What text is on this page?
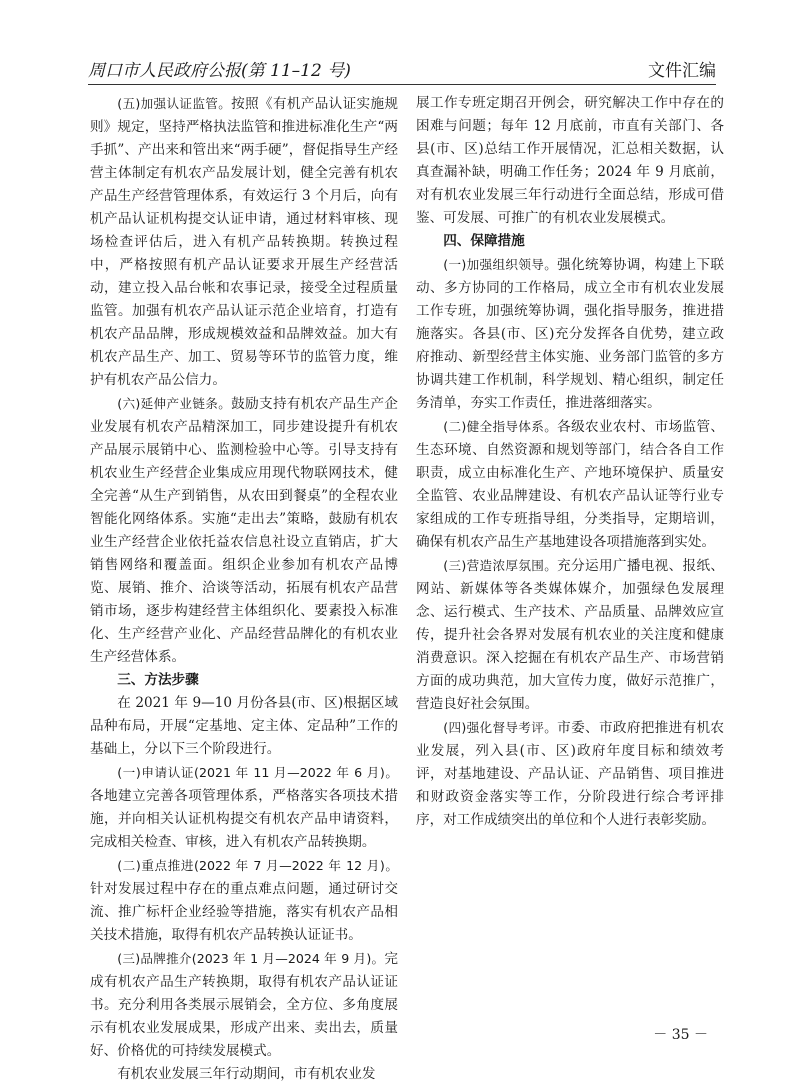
周口市人民政府公报(第 11–12 号)	文件汇编

(五)加强认证监管。按照《有机产品认证实施规则》规定，坚持严格执法监管和推进标准化生产“两手抓”、产出来和管出来“两手硬”，督促指导生产经营主体制定有机农产品发展计划，健全完善有机农产品生产经营管理体系，有效运行 3 个月后，向有机产品认证机构提交认证申请，通过材料审核、现场检查评估后，进入有机产品转换期。转换过程中，严格按照有机产品认证要求开展生产经营活动，建立投入品台帐和农事记录，接受全过程质量监管。加强有机农产品认证示范企业培育，打造有机农产品品牌，形成规模效益和品牌效益。加大有机农产品生产、加工、贸易等环节的监管力度，维护有机农产品公信力。

(六)延伸产业链条。鼓励支持有机农产品生产企业发展有机农产品精深加工，同步建设提升有机农产品展示展销中心、监测检验中心等。引导支持有机农业生产经营企业集成应用现代物联网技术，健全完善“从生产到销售，从农田到餐桌”的全程农业智能化网络体系。实施“走出去”策略，鼓励有机农业生产经营企业依托益农信息社设立直销店，扩大销售网络和覆盖面。组织企业参加有机农产品博览、展销、推介、洽谈等活动，拓展有机农产品营销市场，逐步构建经营主体组织化、要素投入标准化、生产经营产业化、产品经营品牌化的有机农业生产经营体系。

三、方法步骤

在 2021 年 9—10 月份各县(市、区)根据区域品种布局，开展“定基地、定主体、定品种”工作的基础上，分以下三个阶段进行。

(一)申请认证(2021 年 11 月—2022 年 6 月)。各地建立完善各项管理体系，严格落实各项技术措施，并向相关认证机构提交有机农产品申请资料，完成相关检查、审核，进入有机农产品转换期。

(二)重点推进(2022 年 7 月—2022 年 12 月)。针对发展过程中存在的重点难点问题，通过研讨交流、推广标杆企业经验等措施，落实有机农产品相关技术措施，取得有机农产品转换认证证书。

(三)品牌推介(2023 年 1 月—2024 年 9 月)。完成有机农产品生产转换期，取得有机农产品认证证书。充分利用各类展示展销会，全方位、多角度展示有机农业发展成果，形成产出来、卖出去，质量好、价格优的可持续发展模式。

有机农业发展三年行动期间，市有机农业发

展工作专班定期召开例会，研究解决工作中存在的困难与问题；每年 12 月底前，市直有关部门、各县(市、区)总结工作开展情况，汇总相关数据，认真查漏补缺，明确工作任务；2024 年 9 月底前，对有机农业发展三年行动进行全面总结，形成可借鉴、可发展、可推广的有机农业发展模式。

四、保障措施

(一)加强组织领导。强化统筹协调，构建上下联动、多方协同的工作格局，成立全市有机农业发展工作专班，加强统筹协调，强化指导服务，推进措施落实。各县(市、区)充分发挥各自优势，建立政府推动、新型经营主体实施、业务部门监管的多方协调共建工作机制，科学规划、精心组织，制定任务清单，夯实工作责任，推进落细落实。

(二)健全指导体系。各级农业农村、市场监管、生态环境、自然资源和规划等部门，结合各自工作职责，成立由标准化生产、产地环境保护、质量安全监管、农业品牌建设、有机农产品认证等行业专家组成的工作专班指导组，分类指导，定期培训，确保有机农产品生产基地建设各项措施落到实处。

(三)营造浓厚氛围。充分运用广播电视、报纸、网站、新媒体等各类媒体媒介，加强绿色发展理念、运行模式、生产技术、产品质量、品牌效应宣传，提升社会各界对发展有机农业的关注度和健康消费意识。深入挖掘在有机农产品生产、市场营销方面的成功典范，加大宣传力度，做好示范推广，营造良好社会氛围。

(四)强化督导考评。市委、市政府把推进有机农业发展，列入县(市、区)政府年度目标和绩效考评，对基地建设、产品认证、产品销售、项目推进和财政资金落实等工作，分阶段进行综合考评排序，对工作成绩突出的单位和个人进行表彰奖励。

－ 35 －
